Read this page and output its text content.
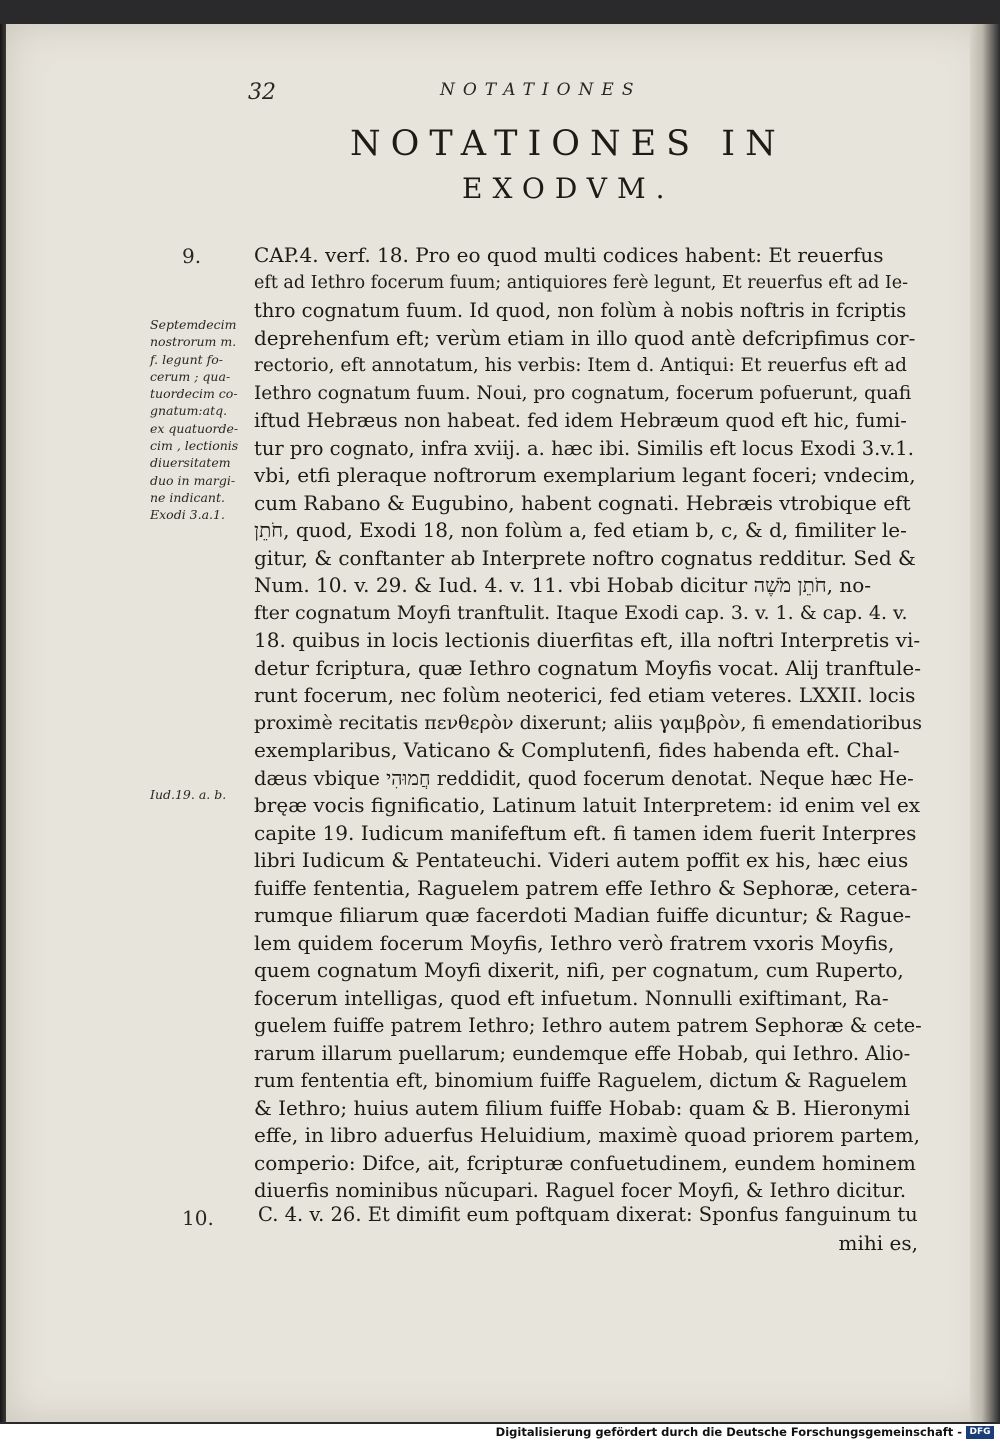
32	NOTATIONES
NOTATIONES IN
EXODVM.
9.
Septemdecim
nostrorum m.
f. legunt fo-
cerum ; qua-
tuordecim co-
gnatum:atq.
ex quatuorde-
cim , lectionis
diuersitatem
duo in margi-
ne indicant.
Exodi 3.a.1.
Iud.19. a. b.
10.
CAP.4. verf. 18. Pro eo quod multi codices habent: Et reuerfus
eft ad Iethro focerum fuum; antiquiores ferè legunt, Et reuerfus eft ad Ie-
thro cognatum fuum. Id quod, non folùm à nobis noftris in fcriptis
deprehenfum eft; verùm etiam in illo quod antè defcripfimus cor-
rectorio, eft annotatum, his verbis: Item d. Antiqui: Et reuerfus eft ad
Iethro cognatum fuum. Noui, pro cognatum, focerum pofuerunt, quafi
iftud Hebræus non habeat. fed idem Hebræum quod eft hic, fumi-
tur pro cognato, infra xviij. a. hæc ibi. Similis eft locus Exodi 3.v.1.
vbi, etfi pleraque noftrorum exemplarium legant foceri; vndecim,
cum Rabano & Eugubino, habent cognati. Hebræis vtrobique eft
חֹתֵן, quod, Exodi 18, non folùm a, fed etiam b, c, & d, fimiliter le-
gitur, & conftanter ab Interprete noftro cognatus redditur. Sed &
Num. 10. v. 29. & Iud. 4. v. 11. vbi Hobab dicitur חֹתֵן מֹשֶׁה, no-
fter cognatum Moyfi tranftulit. Itaque Exodi cap. 3. v. 1. & cap. 4. v.
18. quibus in locis lectionis diuerfitas eft, illa noftri Interpretis vi-
detur fcriptura, quæ Iethro cognatum Moyfis vocat. Alij tranftule-
runt focerum, nec folùm neoterici, fed etiam veteres. LXXII. locis
proximè recitatis πενθερὸν dixerunt; aliis γαμβρὸν, fi emendatioribus
exemplaribus, Vaticano & Complutenfi, fides habenda eft. Chal-
dæus vbique חֲמוּהִי reddidit, quod focerum denotat. Neque hæc He-
bręæ vocis fignificatio, Latinum latuit Interpretem: id enim vel ex
capite 19. Iudicum manifeftum eft. fi tamen idem fuerit Interpres
libri Iudicum & Pentateuchi. Videri autem poffit ex his, hæc eius
fuiffe fententia, Raguelem patrem effe Iethro & Sephoræ, cetera-
rumque filiarum quæ facerdoti Madian fuiffe dicuntur; & Rague-
lem quidem focerum Moyfis, Iethro verò fratrem vxoris Moyfis,
quem cognatum Moyfi dixerit, nifi, per cognatum, cum Ruperto,
focerum intelligas, quod eft infuetum. Nonnulli exiftimant, Ra-
guelem fuiffe patrem Iethro; Iethro autem patrem Sephoræ & cete-
rarum illarum puellarum; eundemque effe Hobab, qui Iethro. Alio-
rum fententia eft, binomium fuiffe Raguelem, dictum & Raguelem
& Iethro; huius autem filium fuiffe Hobab: quam & B. Hieronymi
effe, in libro aduerfus Heluidium, maximè quoad priorem partem,
comperio: Difce, ait, fcripturæ confuetudinem, eundem hominem
diuerfis nominibus nũcupari. Raguel focer Moyfi, & Iethro dicitur.
C. 4. v. 26. Et dimifit eum poftquam dixerat: Sponfus fanguinum tu
mihi es,
Digitalisierung gefördert durch die Deutsche Forschungsgemeinschaft - DFG
